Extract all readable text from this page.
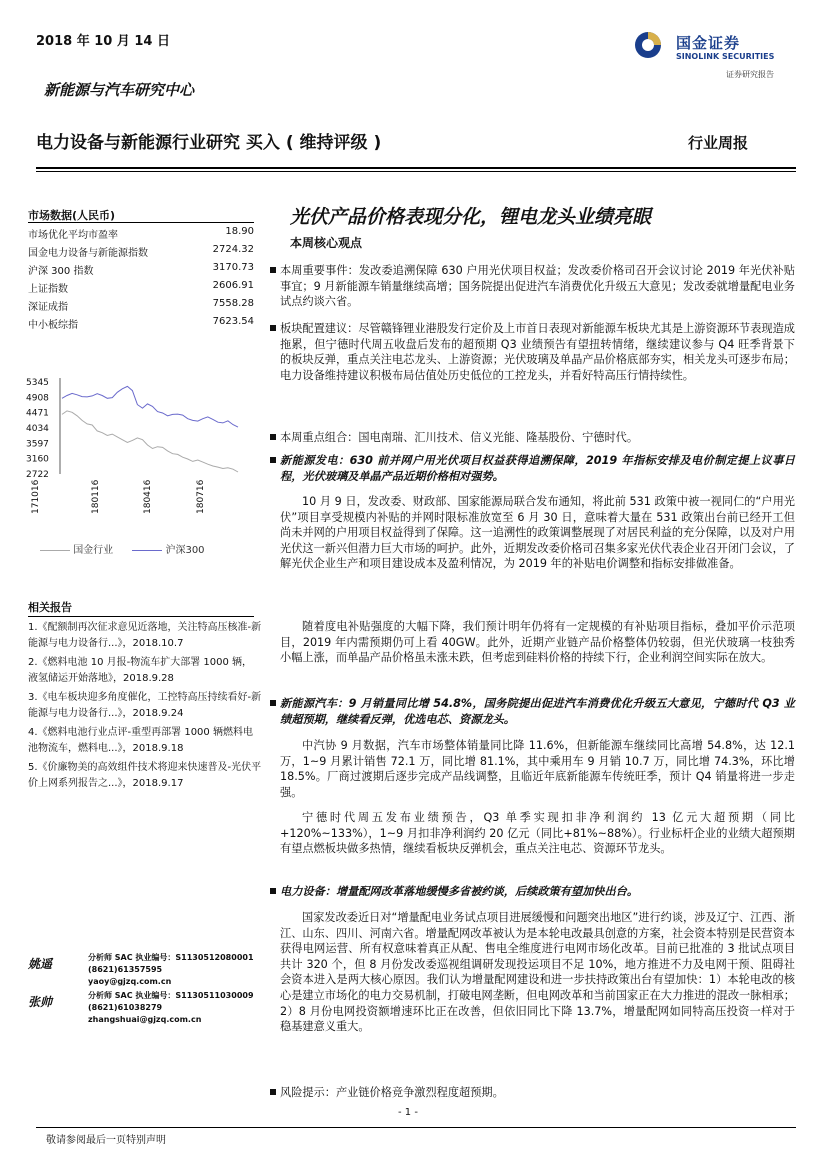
2018 年 10 月 14 日	国金证券
SINOLINK SECURITIES
证券研究报告
新能源与汽车研究中心
电力设备与新能源行业研究 买入 ( 维持评级 )	行业周报
市场数据(人民币)
市场优化平均市盈率	18.90
国金电力设备与新能源指数	2724.32
沪深 300 指数	3170.73
上证指数	2606.91
深证成指	7558.28
中小板综指	7623.54
5345
4908
4471
4034
3597
3160
2722
171016	180116	180416	180716
国金行业	沪深300
相关报告
1.《配额制再次征求意见近落地，关注特高压核准-新能源与电力设备行...》，2018.10.7
2.《燃料电池 10 月报-物流车扩大部署 1000 辆，液氢储运开始落地》，2018.9.28
3.《电车板块迎多角度催化，工控特高压持续看好-新能源与电力设备行...》，2018.9.24
4.《燃料电池行业点评-重型再部署 1000 辆燃料电池物流车，燃料电...》，2018.9.18
5.《价廉物美的高效组件技术将迎来快速普及-光伏平价上网系列报告之...》，2018.9.17
姚遥	分析师 SAC 执业编号：S1130512080001
(8621)61357595
yaoy@gjzq.com.cn
张帅	分析师 SAC 执业编号：S1130511030009
(8621)61038279
zhangshuai@gjzq.com.cn
光伏产品价格表现分化，锂电龙头业绩亮眼
本周核心观点
本周重要事件：发改委追溯保障 630 户用光伏项目权益；发改委价格司召开会议讨论 2019 年光伏补贴事宜；9 月新能源车销量继续高增；国务院提出促进汽车消费优化升级五大意见；发改委就增量配电业务试点约谈六省。
板块配置建议：尽管赣锋锂业港股发行定价及上市首日表现对新能源车板块尤其是上游资源环节表现造成拖累，但宁德时代周五收盘后发布的超预期 Q3 业绩预告有望扭转情绪，继续建议参与 Q4 旺季背景下的板块反弹，重点关注电芯龙头、上游资源；光伏玻璃及单晶产品价格底部夯实，相关龙头可逐步布局；电力设备维持建议积极布局估值处历史低位的工控龙头，并看好特高压行情持续性。
本周重点组合：国电南瑞、汇川技术、信义光能、隆基股份、宁德时代。
新能源发电：630 前并网户用光伏项目权益获得追溯保障，2019 年指标安排及电价制定提上议事日程，光伏玻璃及单晶产品近期价格相对强势。
10 月 9 日，发改委、财政部、国家能源局联合发布通知，将此前 531 政策中被一视同仁的“户用光伏”项目享受规模内补贴的并网时限标准放宽至 6 月 30 日，意味着大量在 531 政策出台前已经开工但尚未并网的户用项目权益得到了保障。这一追溯性的政策调整展现了对居民利益的充分保障，以及对户用光伏这一新兴但潜力巨大市场的呵护。此外，近期发改委价格司召集多家光伏代表企业召开闭门会议，了解光伏企业生产和项目建设成本及盈利情况，为 2019 年的补贴电价调整和指标安排做准备。
随着度电补贴强度的大幅下降，我们预计明年仍将有一定规模的有补贴项目指标，叠加平价示范项目，2019 年内需预期仍可上看 40GW。此外，近期产业链产品价格整体仍较弱，但光伏玻璃一枝独秀小幅上涨，而单晶产品价格虽未涨未跌，但考虑到硅料价格的持续下行，企业利润空间实际在放大。
新能源汽车：9 月销量同比增 54.8%，国务院提出促进汽车消费优化升级五大意见，宁德时代 Q3 业绩超预期，继续看反弹，优选电芯、资源龙头。
中汽协 9 月数据，汽车市场整体销量同比降 11.6%，但新能源车继续同比高增 54.8%，达 12.1 万，1~9 月累计销售 72.1 万，同比增 81.1%，其中乘用车 9 月销 10.7 万，同比增 74.3%，环比增 18.5%。厂商过渡期后逐步完成产品线调整，且临近年底新能源车传统旺季，预计 Q4 销量将进一步走强。
宁德时代周五发布业绩预告，Q3 单季实现扣非净利润约 13 亿元大超预期（同比+120%~133%），1~9 月扣非净利润约 20 亿元（同比+81%~88%）。行业标杆企业的业绩大超预期有望点燃板块做多热情，继续看板块反弹机会，重点关注电芯、资源环节龙头。
电力设备：增量配网改革落地缓慢多省被约谈，后续政策有望加快出台。
国家发改委近日对“增量配电业务试点项目进展缓慢和问题突出地区”进行约谈，涉及辽宁、江西、浙江、山东、四川、河南六省。增量配网改革被认为是本轮电改最具创意的方案，社会资本特别是民营资本获得电网运营、所有权意味着真正从配、售电全维度进行电网市场化改革。目前已批准的 3 批试点项目共计 320 个，但 8 月份发改委巡视组调研发现投运项目不足 10%，地方推进不力及电网干预、阻碍社会资本进入是两大核心原因。我们认为增量配网建设和进一步扶持政策出台有望加快：1）本轮电改的核心是建立市场化的电力交易机制，打破电网垄断，但电网改革和当前国家正在大力推进的混改一脉相承；2）8 月份电网投资额增速环比正在改善，但依旧同比下降 13.7%，增量配网如同特高压投资一样对于稳基建意义重大。
风险提示：产业链价格竞争激烈程度超预期。
- 1 -
敬请参阅最后一页特别声明
